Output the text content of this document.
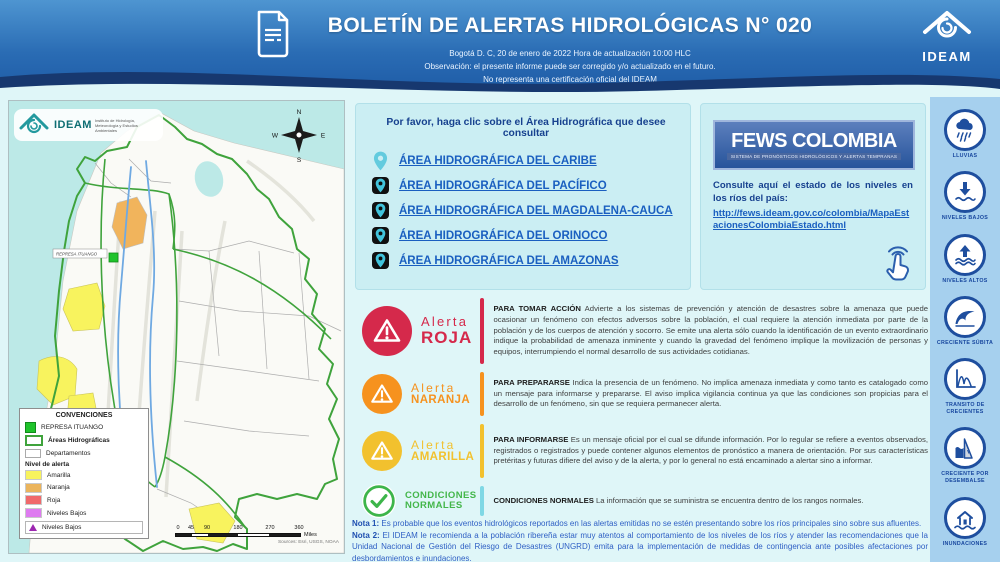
BOLETÍN DE ALERTAS HIDROLÓGICAS N° 020
Bogotá D. C, 20 de enero de 2022 Hora de actualización 10:00 HLC
Observación: el presente informe puede ser corregido y/o actualizado en el futuro.
No representa una certificación oficial del IDEAM
IDEAM
REPRESA ITUANGO
N
S
W	E
IDEAM Instituto de Hidrología, Meteorología y Estudios Ambientales
CONVENCIONES
REPRESA ITUANGO
Áreas Hidrográficas
Departamentos
Nivel de alerta
Amarilla
Naranja
Roja
Niveles Bajos
Niveles Bajos	0 45 90	180	270	360
Miles
Sources: Esri, USGS, NOAA

Por favor, haga clic sobre el Área Hidrográfica que desee consultar

ÁREA HIDROGRÁFICA DEL CARIBE
ÁREA HIDROGRÁFICA DEL PACÍFICO
ÁREA HIDROGRÁFICA DEL MAGDALENA-CAUCA
ÁREA HIDROGRÁFICA DEL ORINOCO
ÁREA HIDROGRÁFICA DEL AMAZONAS
FEWS COLOMBIA
SISTEMA DE PRONÓSTICOS HIDROLÓGICOS Y ALERTAS TEMPRANAS

Consulte aquí el estado de los niveles en los ríos del país:

http://fews.ideam.gov.co/colombia/MapaEstacionesColombiaEstado.html
Alerta
ROJA

PARA TOMAR ACCIÓN Advierte a los sistemas de prevención y atención de desastres sobre la amenaza que puede ocasionar un fenómeno con efectos adversos sobre la población, el cual requiere la atención inmediata por parte de la población y de los cuerpos de atención y socorro. Se emite una alerta sólo cuando la identificación de un evento extraordinario indique la probabilidad de amenaza inminente y cuando la gravedad del fenómeno implique la movilización de personas y equipos, interrumpiendo el normal desarrollo de sus actividades cotidianas.

Alerta
NARANJA

PARA PREPARARSE Indica la presencia de un fenómeno. No implica amenaza inmediata y como tanto es catalogado como un mensaje para informarse y prepararse. El aviso implica vigilancia continua ya que las condiciones son propicias para el desarrollo de un fenómeno, sin que se requiera permanecer alerta.

Alerta
AMARILLA

PARA INFORMARSE Es un mensaje oficial por el cual se difunde información. Por lo regular se refiere a eventos observados, registrados o registrados y puede contener algunos elementos de pronóstico a manera de orientación. Por sus características pretéritas y futuras difiere del aviso y de la alerta, y por lo general no está encaminado a alertar sino a informar.

CONDICIONES
NORMALES	CONDICIONES NORMALES La información que se suministra se encuentra dentro de los rangos normales.

Nota 1: Es probable que los eventos hidrológicos reportados en las alertas emitidas no se estén presentando sobre los ríos principales sino sobre sus afluentes.

Nota 2: El IDEAM le recomienda a la población ribereña estar muy atentos al comportamiento de los niveles de los ríos y atender las recomendaciones que la Unidad Nacional de Gestión del Riesgo de Desastres (UNGRD) emita para la implementación de medidas de contingencia ante posibles afectaciones por desbordamientos e inundaciones.

LLUVIAS
NIVELES BAJOS
NIVELES ALTOS
CRECIENTE SÚBITA
TRANSITO DE CRECIENTES
CRECIENTE POR DESEMBALSE
INUNDACIONES
